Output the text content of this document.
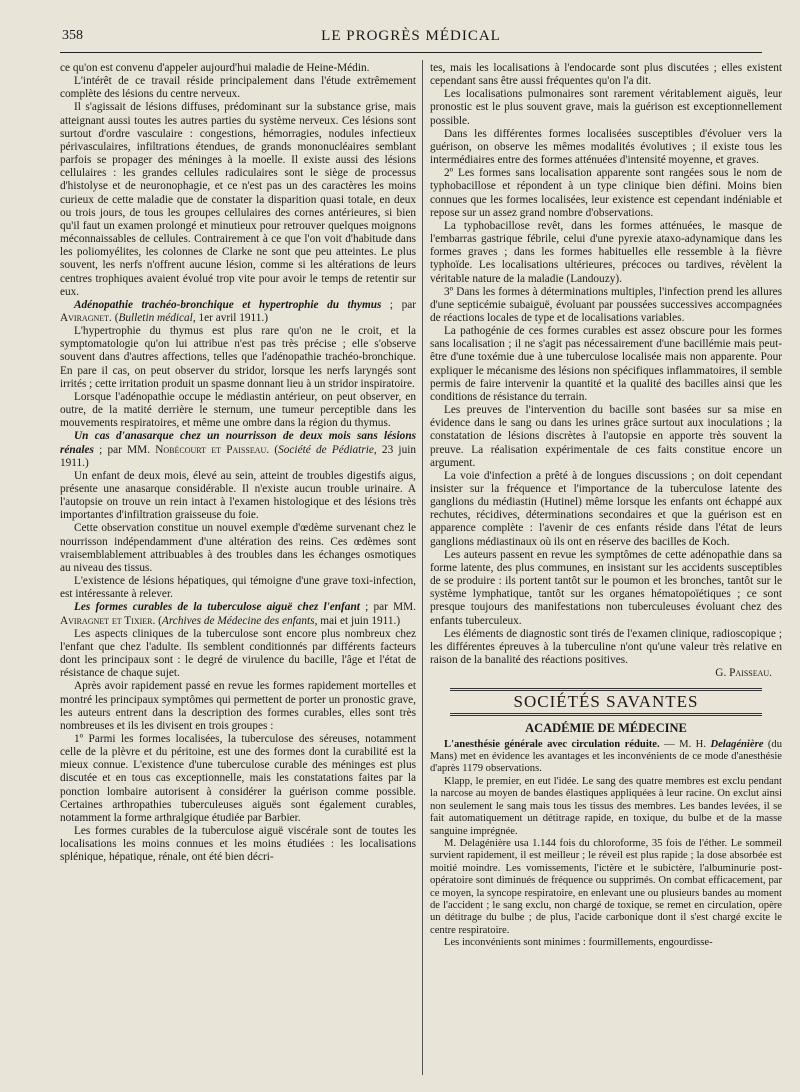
358	LE PROGRÈS MÉDICAL

ce qu'on est convenu d'appeler aujourd'hui maladie de Heine-Médin.

L'intérêt de ce travail réside principalement dans l'étude extrêmement complète des lésions du centre nerveux.

Il s'agissait de lésions diffuses, prédominant sur la substance grise, mais atteignant aussi toutes les autres parties du système nerveux. Ces lésions sont surtout d'ordre vasculaire : congestions, hémorragies, nodules infectieux périvasculaires, infiltrations étendues, de grands mononucléaires semblant parfois se propager des méninges à la moelle. Il existe aussi des lésions cellulaires : les grandes cellules radiculaires sont le siège de processus d'histolyse et de neuronophagie, et ce n'est pas un des caractères les moins curieux de cette maladie que de constater la disparition quasi totale, en deux ou trois jours, de tous les groupes cellulaires des cornes antérieures, si bien qu'il faut un examen prolongé et minutieux pour retrouver quelques moignons méconnaissables de cellules. Contrairement à ce que l'on voit d'habitude dans les poliomyélites, les colonnes de Clarke ne sont que peu atteintes. Le plus souvent, les nerfs n'offrent aucune lésion, comme si les altérations de leurs centres trophiques avaient évolué trop vite pour avoir le temps de retentir sur eux.

Adénopathie trachéo-bronchique et hypertrophie du thymus ; par Aviragnet. (Bulletin médical, 1er avril 1911.)

L'hypertrophie du thymus est plus rare qu'on ne le croit, et la symptomatologie qu'on lui attribue n'est pas très précise ; elle s'observe souvent dans d'autres affections, telles que l'adénopathie trachéo-bronchique. En pare il cas, on peut observer du stridor, lorsque les nerfs laryngés sont irrités ; cette irritation produit un spasme donnant lieu à un stridor inspiratoire.

Lorsque l'adénopathie occupe le médiastin antérieur, on peut observer, en outre, de la matité derrière le sternum, une tumeur perceptible dans les mouvements respiratoires, et même une ombre dans la région du thymus.

Un cas d'anasarque chez un nourrisson de deux mois sans lésions rénales ; par MM. Nobécourt et Paisseau. (Société de Pédiatrie, 23 juin 1911.)

Un enfant de deux mois, élevé au sein, atteint de troubles digestifs aigus, présente une anasarque considérable. Il n'existe aucun trouble urinaire. A l'autopsie on trouve un rein intact à l'examen histologique et des lésions très importantes d'infiltration graisseuse du foie.

Cette observation constitue un nouvel exemple d'œdème survenant chez le nourrisson indépendamment d'une altération des reins. Ces œdèmes sont vraisemblablement attribuables à des troubles dans les échanges osmotiques au niveau des tissus.

L'existence de lésions hépatiques, qui témoigne d'une grave toxi-infection, est intéressante à relever.

Les formes curables de la tuberculose aiguë chez l'enfant ; par MM. Aviragnet et Tixier. (Archives de Médecine des enfants, mai et juin 1911.)

Les aspects cliniques de la tuberculose sont encore plus nombreux chez l'enfant que chez l'adulte. Ils semblent conditionnés par différents facteurs dont les principaux sont : le degré de virulence du bacille, l'âge et l'état de résistance de chaque sujet.

Après avoir rapidement passé en revue les formes rapidement mortelles et montré les principaux symptômes qui permettent de porter un pronostic grave, les auteurs entrent dans la description des formes curables, elles sont très nombreuses et ils les divisent en trois groupes :

1º Parmi les formes localisées, la tuberculose des séreuses, notamment celle de la plèvre et du péritoine, est une des formes dont la curabilité est la mieux connue. L'existence d'une tuberculose curable des méninges est plus discutée et en tous cas exceptionnelle, mais les constatations faites par la ponction lombaire autorisent à considérer la guérison comme possible. Certaines arthropathies tuberculeuses aiguës sont également curables, notamment la forme arthralgique étudiée par Barbier.

Les formes curables de la tuberculose aiguë viscérale sont de toutes les localisations les moins connues et les moins étudiées : les localisations splénique, hépatique, rénale, ont été bien décri-

tes, mais les localisations à l'endocarde sont plus discutées ; elles existent cependant sans être aussi fréquentes qu'on l'a dit.

Les localisations pulmonaires sont rarement véritablement aiguës, leur pronostic est le plus souvent grave, mais la guérison est exceptionnellement possible.

Dans les différentes formes localisées susceptibles d'évoluer vers la guérison, on observe les mêmes modalités évolutives ; il existe tous les intermédiaires entre des formes atténuées d'intensité moyenne, et graves.

2º Les formes sans localisation apparente sont rangées sous le nom de typhobacillose et répondent à un type clinique bien défini. Moins bien connues que les formes localisées, leur existence est cependant indéniable et repose sur un assez grand nombre d'observations.

La typhobacillose revêt, dans les formes atténuées, le masque de l'embarras gastrique fébrile, celui d'une pyrexie ataxo-adynamique dans les formes graves ; dans les formes habituelles elle ressemble à la fièvre typhoïde. Les localisations ultérieures, précoces ou tardives, révèlent la véritable nature de la maladie (Landouzy).

3º Dans les formes à déterminations multiples, l'infection prend les allures d'une septicémie subaiguë, évoluant par poussées successives accompagnées de réactions locales de type et de localisations variables.

La pathogénie de ces formes curables est assez obscure pour les formes sans localisation ; il ne s'agit pas nécessairement d'une bacillémie mais peut-être d'une toxémie due à une tuberculose localisée mais non apparente. Pour expliquer le mécanisme des lésions non spécifiques inflammatoires, il semble permis de faire intervenir la quantité et la qualité des bacilles ainsi que les conditions de résistance du terrain.

Les preuves de l'intervention du bacille sont basées sur sa mise en évidence dans le sang ou dans les urines grâce surtout aux inoculations ; la constatation de lésions discrètes à l'autopsie en apporte très souvent la preuve. La réalisation expérimentale de ces faits constitue encore un argument.

La voie d'infection a prêté à de longues discussions ; on doit cependant insister sur la fréquence et l'importance de la tuberculose latente des ganglions du médiastin (Hutinel) même lorsque les enfants ont échappé aux rechutes, récidives, déterminations secondaires et que la guérison est en apparence complète : l'avenir de ces enfants réside dans l'état de leurs ganglions médiastinaux où ils ont en réserve des bacilles de Koch.

Les auteurs passent en revue les symptômes de cette adénopathie dans sa forme latente, des plus communes, en insistant sur les accidents susceptibles de se produire : ils portent tantôt sur le poumon et les bronches, tantôt sur le système lymphatique, tantôt sur les organes hématopoïétiques ; ce sont presque toujours des manifestations non tuberculeuses évoluant chez des enfants tuberculeux.

Les éléments de diagnostic sont tirés de l'examen clinique, radioscopique ; les différentes épreuves à la tuberculine n'ont qu'une valeur très relative en raison de la banalité des réactions positives.

G. Paisseau.
SOCIÉTÉS SAVANTES
ACADÉMIE DE MÉDECINE

L'anesthésie générale avec circulation réduite. — M. H. Delagénière (du Mans) met en évidence les avantages et les inconvénients de ce mode d'anesthésie d'après 1179 observations.

Klapp, le premier, en eut l'idée. Le sang des quatre membres est exclu pendant la narcose au moyen de bandes élastiques appliquées à leur racine. On exclut ainsi non seulement le sang mais tous les tissus des membres. Les bandes levées, il se fait automatiquement un détitrage rapide, en toxique, du bulbe et de la masse sanguine imprégnée.

M. Delagénière usa 1.144 fois du chloroforme, 35 fois de l'éther. Le sommeil survient rapidement, il est meilleur ; le réveil est plus rapide ; la dose absorbée est moitié moindre. Les vomissements, l'ictère et le subictère, l'albuminurie post-opératoire sont diminués de fréquence ou supprimés. On combat efficacement, par ce moyen, la syncope respiratoire, en enlevant une ou plusieurs bandes au moment de l'accident ; le sang exclu, non chargé de toxique, se remet en circulation, opère un détitrage du bulbe ; de plus, l'acide carbonique dont il s'est chargé excite le centre respiratoire.

Les inconvénients sont minimes : fourmillements, engourdisse-
